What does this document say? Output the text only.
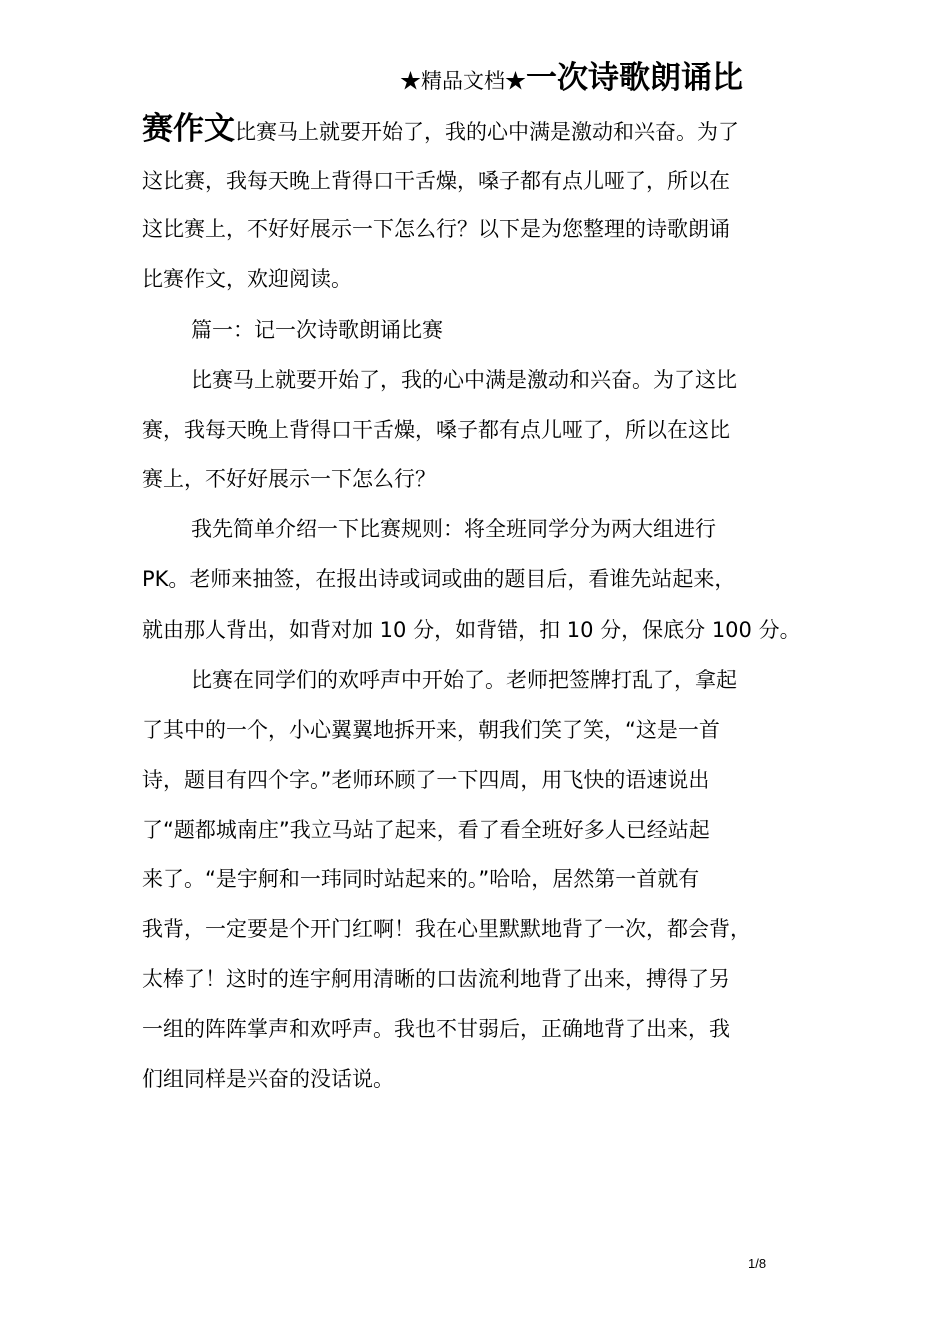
★精品文档★一次诗歌朗诵比
赛作文比赛马上就要开始了，我的心中满是激动和兴奋。为了
这比赛，我每天晚上背得口干舌燥，嗓子都有点儿哑了，所以在
这比赛上，不好好展示一下怎么行？以下是为您整理的诗歌朗诵
比赛作文，欢迎阅读。
篇一：记一次诗歌朗诵比赛
比赛马上就要开始了，我的心中满是激动和兴奋。为了这比
赛，我每天晚上背得口干舌燥，嗓子都有点儿哑了，所以在这比
赛上，不好好展示一下怎么行？
我先简单介绍一下比赛规则：将全班同学分为两大组进行
PK。老师来抽签，在报出诗或词或曲的题目后，看谁先站起来，
就由那人背出，如背对加 10 分，如背错，扣 10 分，保底分 100 分。
比赛在同学们的欢呼声中开始了。老师把签牌打乱了，拿起
了其中的一个，小心翼翼地拆开来，朝我们笑了笑，“这是一首
诗，题目有四个字。”老师环顾了一下四周，用飞快的语速说出
了“题都城南庄”我立马站了起来，看了看全班好多人已经站起
来了。“是宇舸和一玮同时站起来的。”哈哈，居然第一首就有
我背，一定要是个开门红啊！我在心里默默地背了一次，都会背，
太棒了！这时的连宇舸用清晰的口齿流利地背了出来，搏得了另
一组的阵阵掌声和欢呼声。我也不甘弱后，正确地背了出来，我
们组同样是兴奋的没话说。
1/8
